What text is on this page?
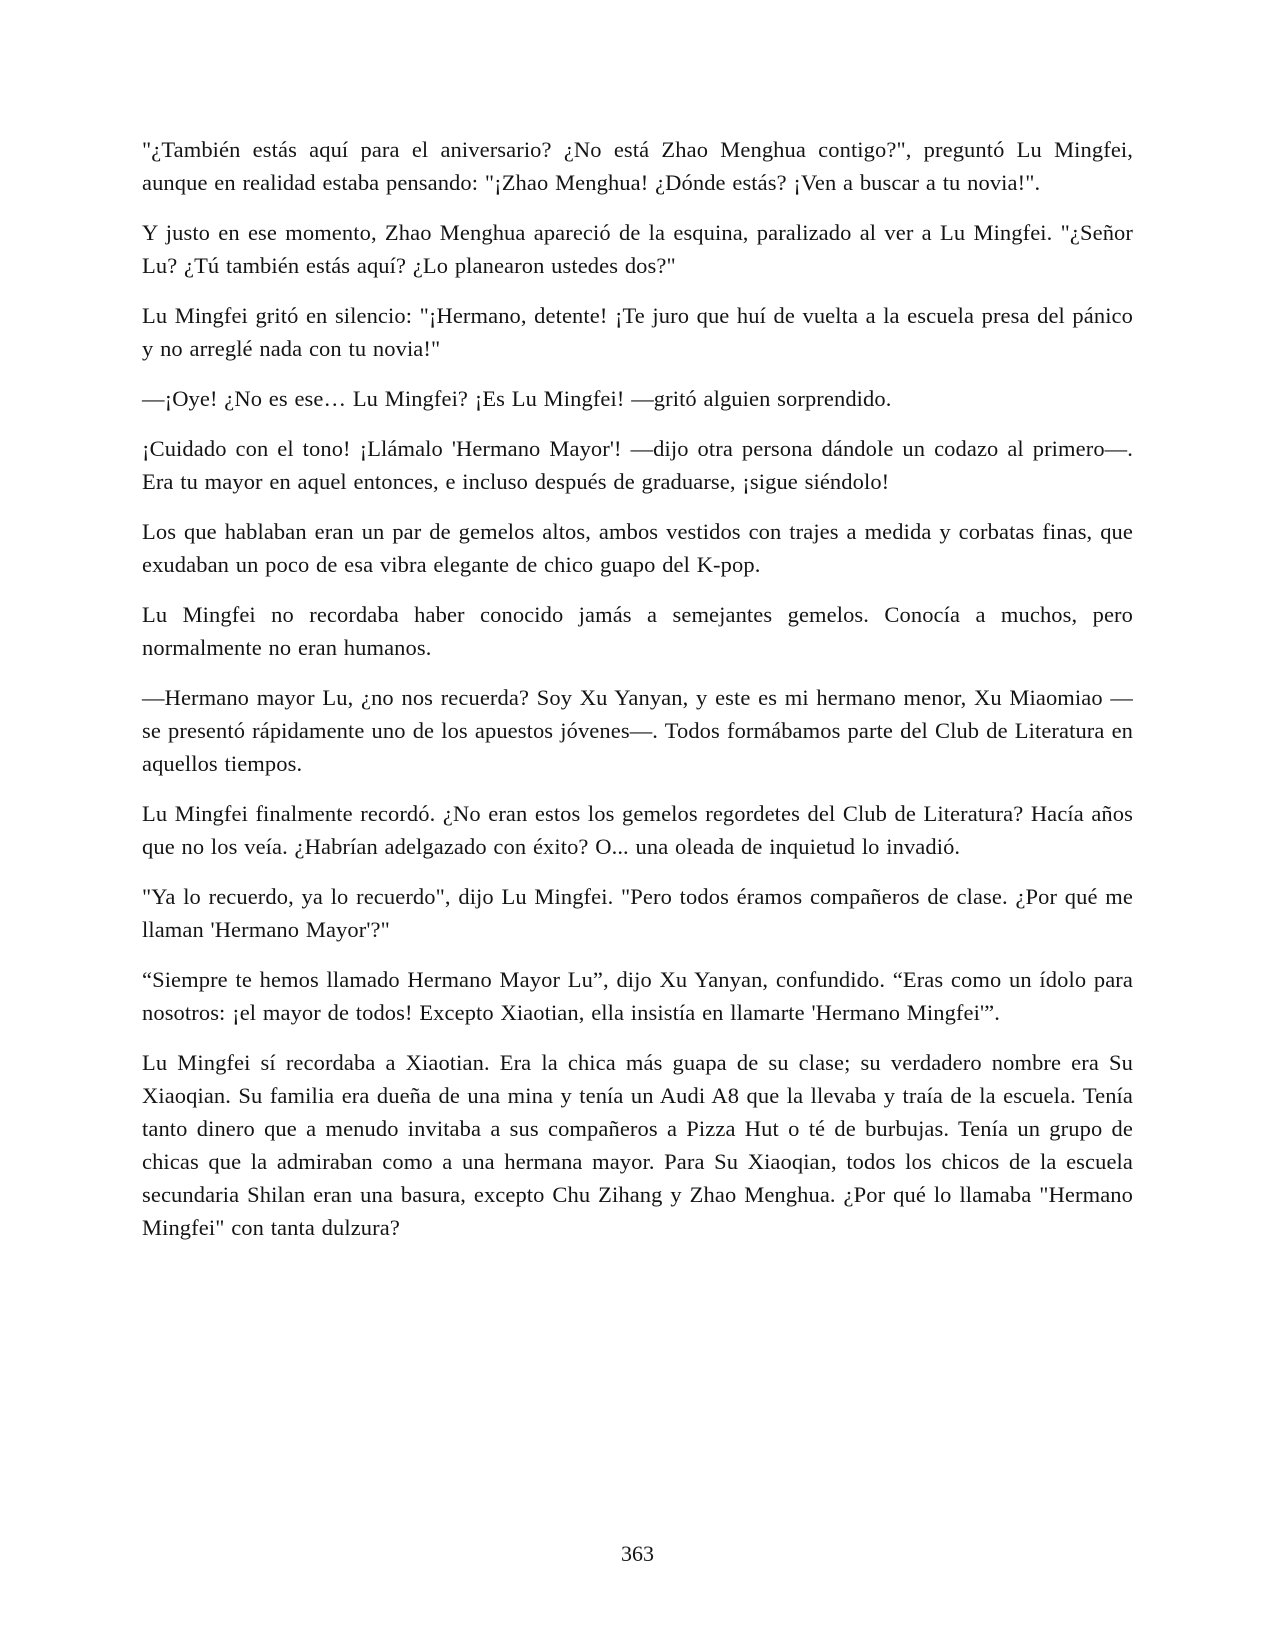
"¿También estás aquí para el aniversario? ¿No está Zhao Menghua contigo?", preguntó Lu Mingfei, aunque en realidad estaba pensando: "¡Zhao Menghua! ¿Dónde estás? ¡Ven a buscar a tu novia!".

Y justo en ese momento, Zhao Menghua apareció de la esquina, paralizado al ver a Lu Mingfei. "¿Señor Lu? ¿Tú también estás aquí? ¿Lo planearon ustedes dos?"

Lu Mingfei gritó en silencio: "¡Hermano, detente! ¡Te juro que huí de vuelta a la escuela presa del pánico y no arreglé nada con tu novia!"

—¡Oye! ¿No es ese… Lu Mingfei? ¡Es Lu Mingfei! —gritó alguien sorprendido.

¡Cuidado con el tono! ¡Llámalo 'Hermano Mayor'! —dijo otra persona dándole un codazo al primero—. Era tu mayor en aquel entonces, e incluso después de graduarse, ¡sigue siéndolo!

Los que hablaban eran un par de gemelos altos, ambos vestidos con trajes a medida y corbatas finas, que exudaban un poco de esa vibra elegante de chico guapo del K-pop.

Lu Mingfei no recordaba haber conocido jamás a semejantes gemelos. Conocía a muchos, pero normalmente no eran humanos.

—Hermano mayor Lu, ¿no nos recuerda? Soy Xu Yanyan, y este es mi hermano menor, Xu Miaomiao —se presentó rápidamente uno de los apuestos jóvenes—. Todos formábamos parte del Club de Literatura en aquellos tiempos.

Lu Mingfei finalmente recordó. ¿No eran estos los gemelos regordetes del Club de Literatura? Hacía años que no los veía. ¿Habrían adelgazado con éxito? O... una oleada de inquietud lo invadió.

"Ya lo recuerdo, ya lo recuerdo", dijo Lu Mingfei. "Pero todos éramos compañeros de clase. ¿Por qué me llaman 'Hermano Mayor'?"

“Siempre te hemos llamado Hermano Mayor Lu”, dijo Xu Yanyan, confundido. “Eras como un ídolo para nosotros: ¡el mayor de todos! Excepto Xiaotian, ella insistía en llamarte 'Hermano Mingfei'”.

Lu Mingfei sí recordaba a Xiaotian. Era la chica más guapa de su clase; su verdadero nombre era Su Xiaoqian. Su familia era dueña de una mina y tenía un Audi A8 que la llevaba y traía de la escuela. Tenía tanto dinero que a menudo invitaba a sus compañeros a Pizza Hut o té de burbujas. Tenía un grupo de chicas que la admiraban como a una hermana mayor. Para Su Xiaoqian, todos los chicos de la escuela secundaria Shilan eran una basura, excepto Chu Zihang y Zhao Menghua. ¿Por qué lo llamaba "Hermano Mingfei" con tanta dulzura?

363
